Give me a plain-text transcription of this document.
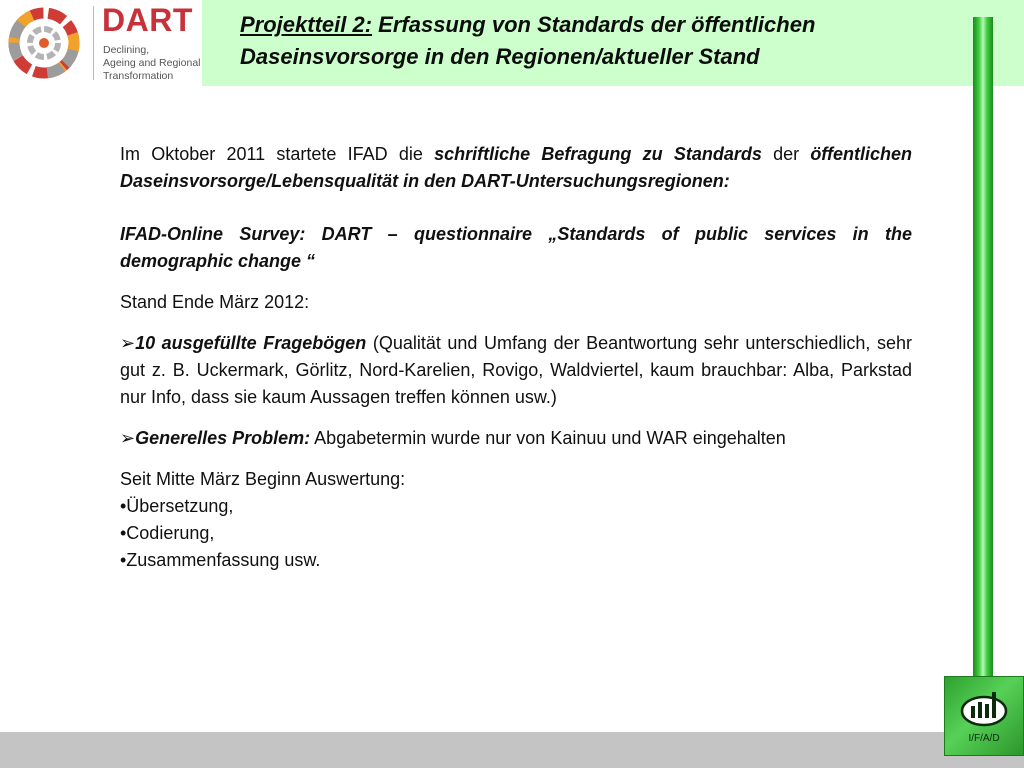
DART
Declining,
Ageing and Regional
Transformation
Projektteil 2: Erfassung von Standards der öffentlichen
Daseinsvorsorge in den Regionen/aktueller Stand

Im Oktober 2011 startete IFAD die schriftliche Befragung zu Standards der öffentlichen Daseinsvorsorge/Lebensqualität in den DART-Untersuchungsregionen:

IFAD-Online Survey: DART – questionnaire „Standards of public services in the demographic change “

Stand Ende März 2012:

➢10 ausgefüllte Fragebögen (Qualität und Umfang der Beantwortung sehr unterschiedlich, sehr gut z. B. Uckermark, Görlitz, Nord-Karelien, Rovigo, Waldviertel, kaum brauchbar: Alba, Parkstad nur Info, dass sie kaum Aussagen treffen können usw.)

➢Generelles Problem: Abgabetermin wurde nur von Kainuu und WAR eingehalten

Seit Mitte März Beginn Auswertung:

•Übersetzung,

•Codierung,

•Zusammenfassung usw.

I/F/A/D
